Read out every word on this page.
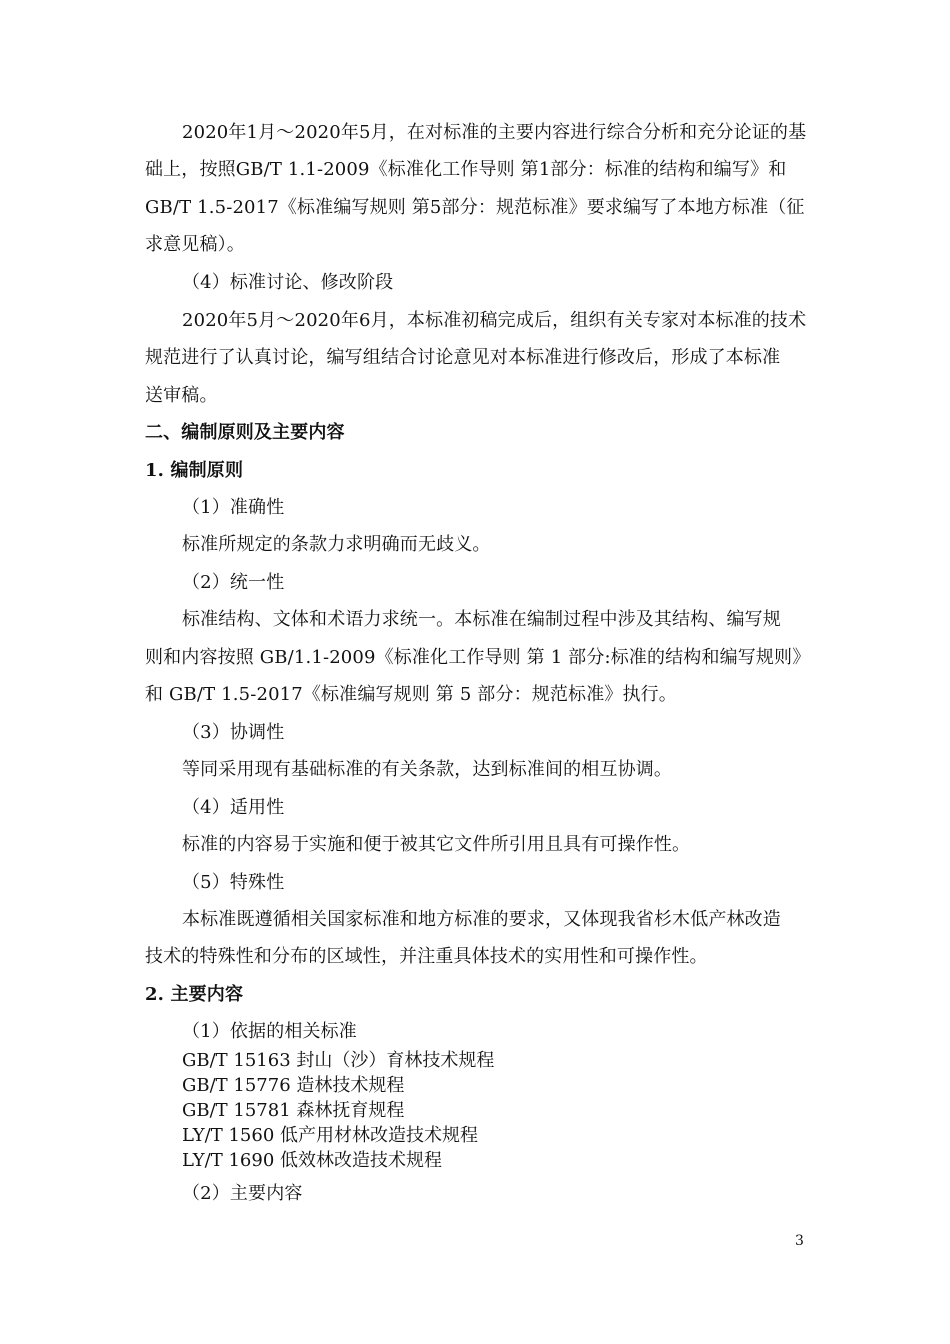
2020年1月～2020年5月，在对标准的主要内容进行综合分析和充分论证的基
础上，按照GB/T 1.1-2009《标准化工作导则 第1部分：标准的结构和编写》和
GB/T 1.5-2017《标准编写规则 第5部分：规范标准》要求编写了本地方标准（征
求意见稿）。
（4）标准讨论、修改阶段
2020年5月～2020年6月，本标准初稿完成后，组织有关专家对本标准的技术
规范进行了认真讨论，编写组结合讨论意见对本标准进行修改后，形成了本标准
送审稿。
二、编制原则及主要内容
1. 编制原则
（1）准确性
标准所规定的条款力求明确而无歧义。
（2）统一性
标准结构、文体和术语力求统一。本标准在编制过程中涉及其结构、编写规
则和内容按照 GB/1.1-2009《标准化工作导则 第 1 部分:标准的结构和编写规则》
和 GB/T 1.5-2017《标准编写规则 第 5 部分：规范标准》执行。
（3）协调性
等同采用现有基础标准的有关条款，达到标准间的相互协调。
（4）适用性
标准的内容易于实施和便于被其它文件所引用且具有可操作性。
（5）特殊性
本标准既遵循相关国家标准和地方标准的要求，又体现我省杉木低产林改造
技术的特殊性和分布的区域性，并注重具体技术的实用性和可操作性。
2. 主要内容
（1）依据的相关标准
GB/T 15163 封山（沙）育林技术规程
GB/T 15776 造林技术规程
GB/T 15781 森林抚育规程
LY/T 1560 低产用材林改造技术规程
LY/T 1690 低效林改造技术规程
（2）主要内容
3
